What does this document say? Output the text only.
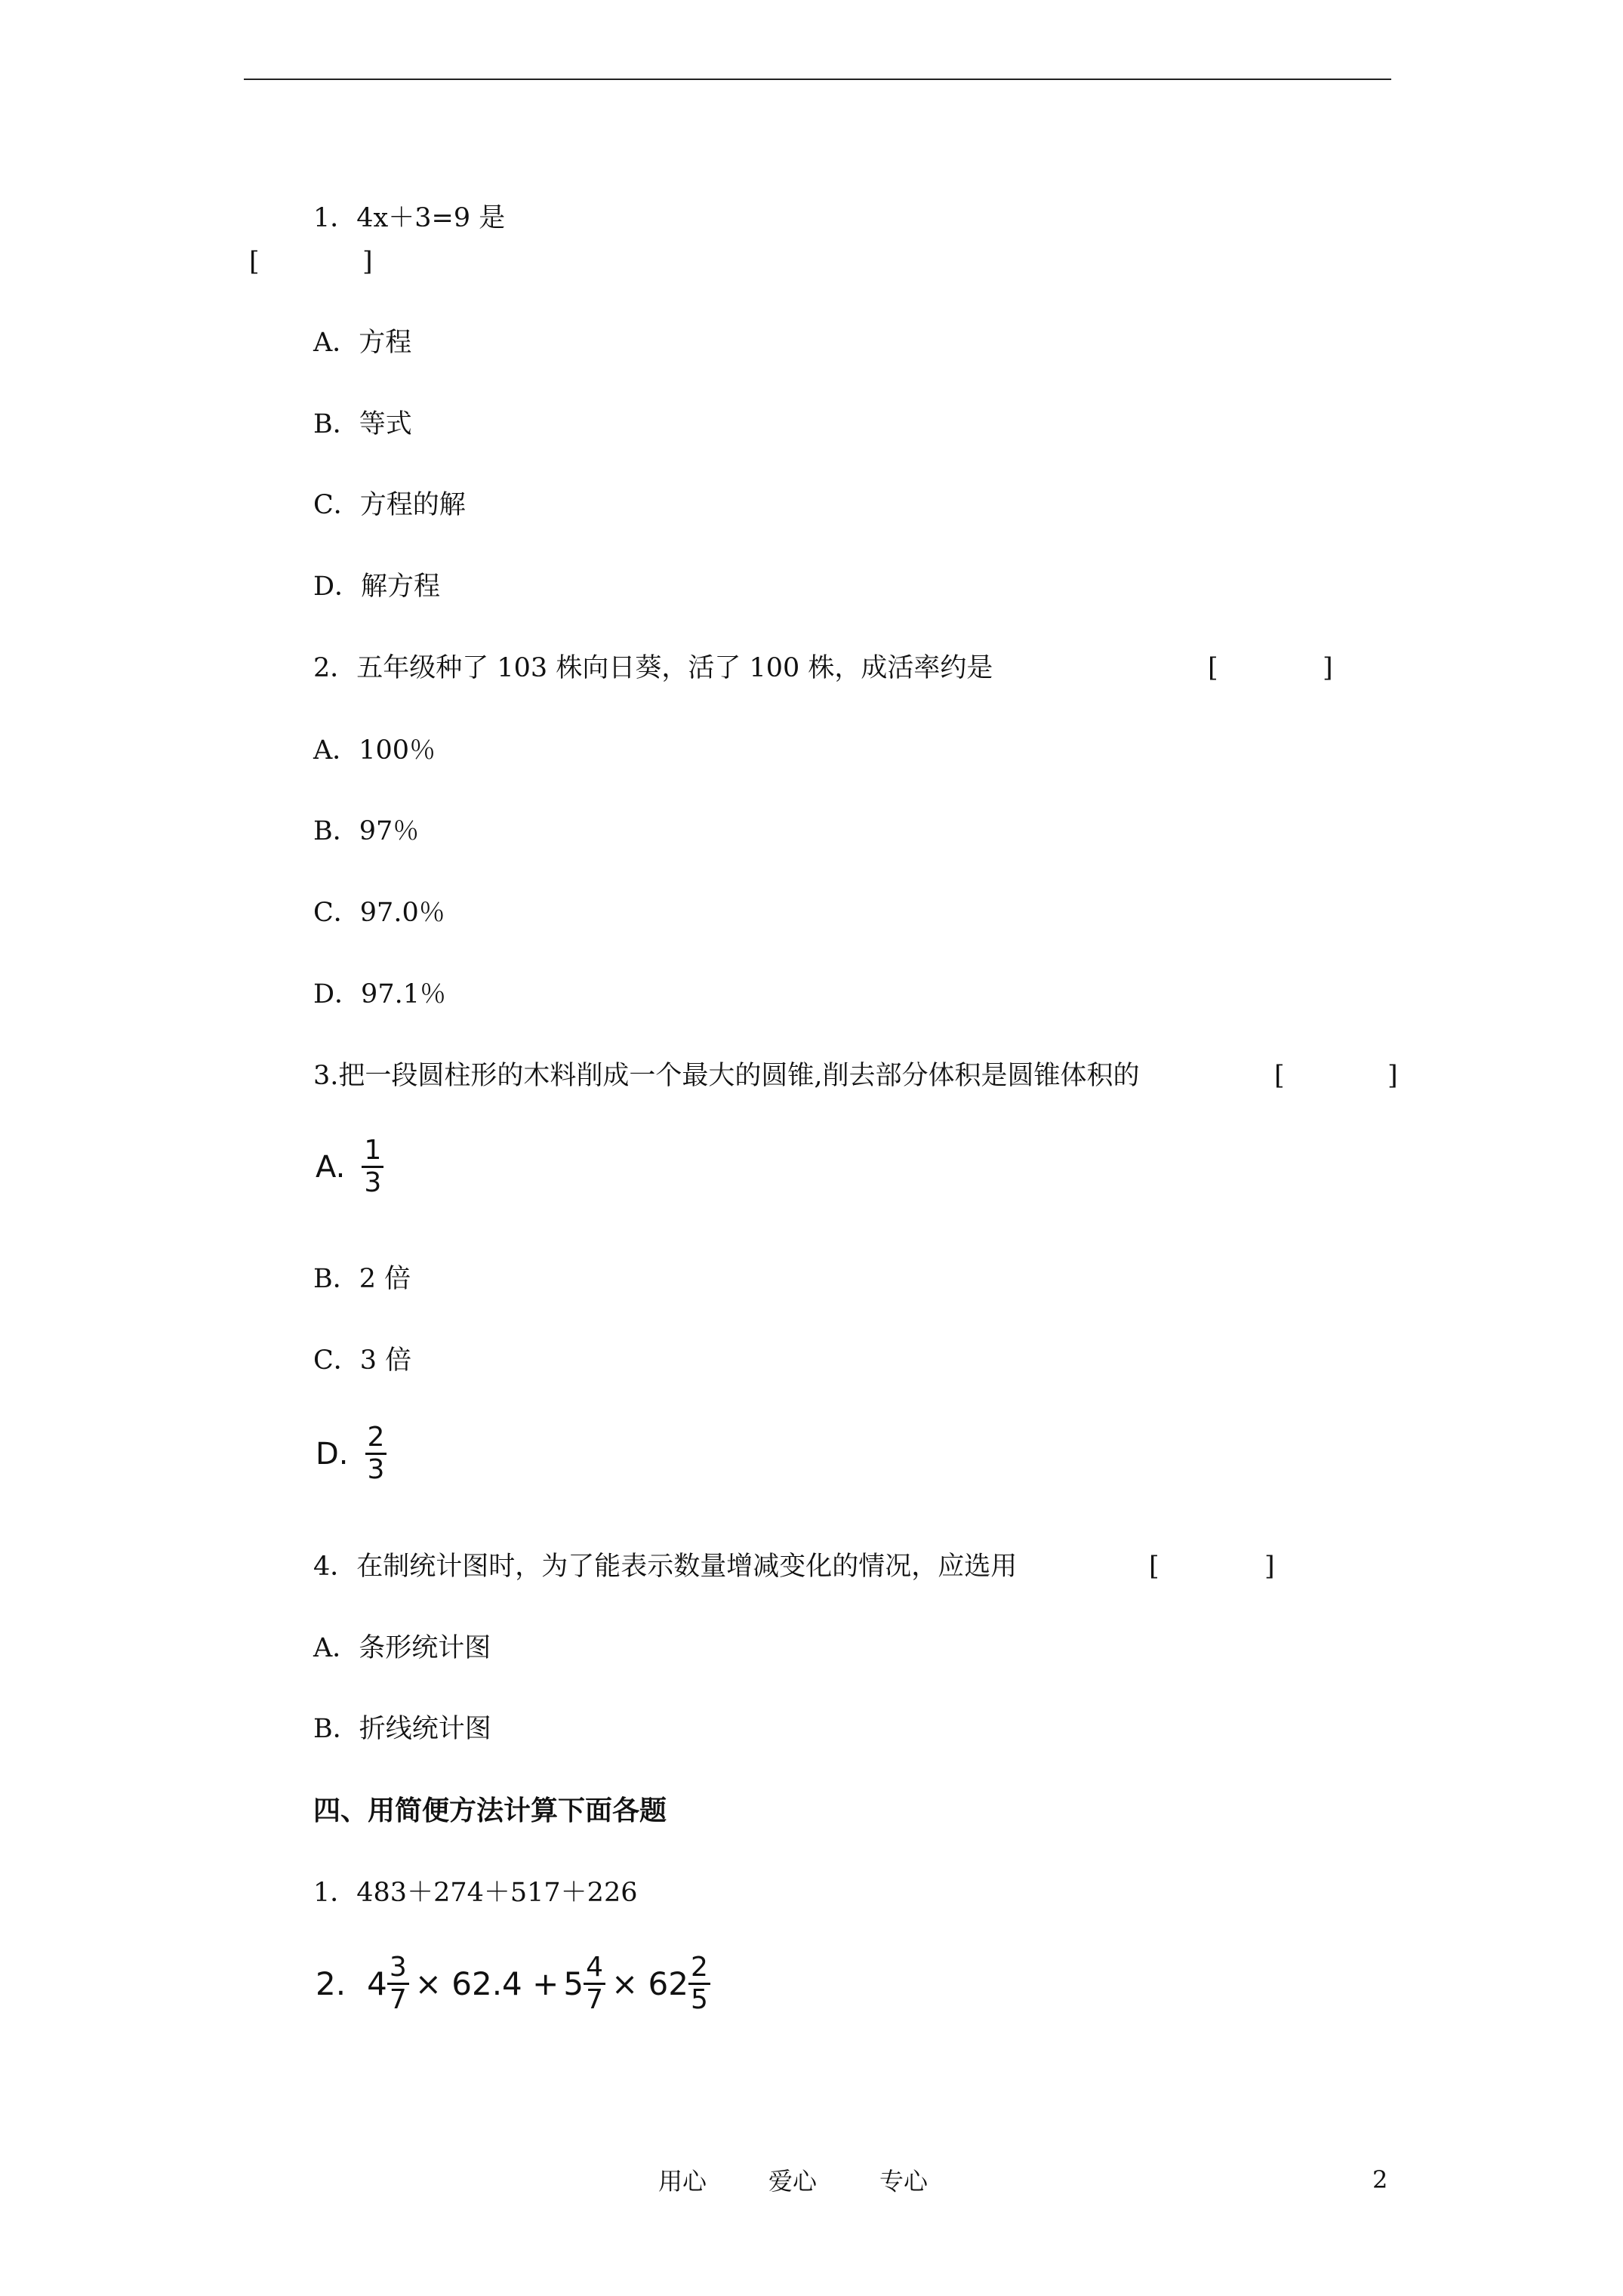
1．4x＋3=9 是
[	]
A．方程
B．等式
C．方程的解
D．解方程
2．五年级种了 103 株向日葵，活了 100 株，成活率约是	[	]
A．100％
B．97％
C．97.0％
D．97.1％
3.把一段圆柱形的木料削成一个最大的圆锥,削去部分体积是圆锥体积的	[	]
A. $\frac{1}{3}$
B．2 倍
C．3 倍
D. $\frac{2}{3}$
4．在制统计图时，为了能表示数量增减变化的情况，应选用	[	]
A．条形统计图
B．折线统计图
四、用简便方法计算下面各题
1．483＋274＋517＋226
2. $4 \frac{3}{7} \times 62.4 + 5 \frac{4}{7} \times 62 \frac{2}{5}$
用心	爱心	专心	2
